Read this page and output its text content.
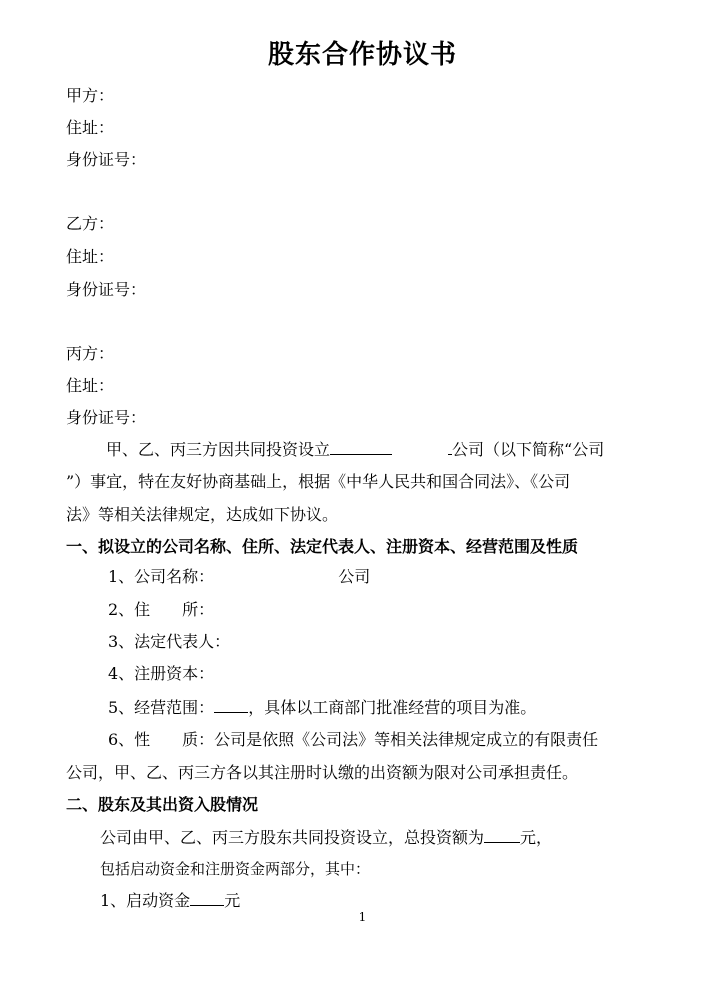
股东合作协议书
甲方：
住址：
身份证号：
乙方：
住址：
身份证号：
丙方：
住址：
身份证号：
甲、乙、丙三方因共同投资设立	公司（以下简称“公司
”）事宜，特在友好协商基础上，根据《中华人民共和国合同法》、《公司
法》等相关法律规定，达成如下协议。
一、拟设立的公司名称、住所、法定代表人、注册资本、经营范围及性质
1、公司名称：	公司
2、住　　所：
3、法定代表人：
4、注册资本：
5、经营范围： ，具体以工商部门批准经营的项目为准。
6、性　　质：公司是依照《公司法》等相关法律规定成立的有限责任
公司，甲、乙、丙三方各以其注册时认缴的出资额为限对公司承担责任。
二、股东及其出资入股情况
公司由甲、乙、丙三方股东共同投资设立，总投资额为 元，
包括启动资金和注册资金两部分，其中：
1、启动资金 元
1
